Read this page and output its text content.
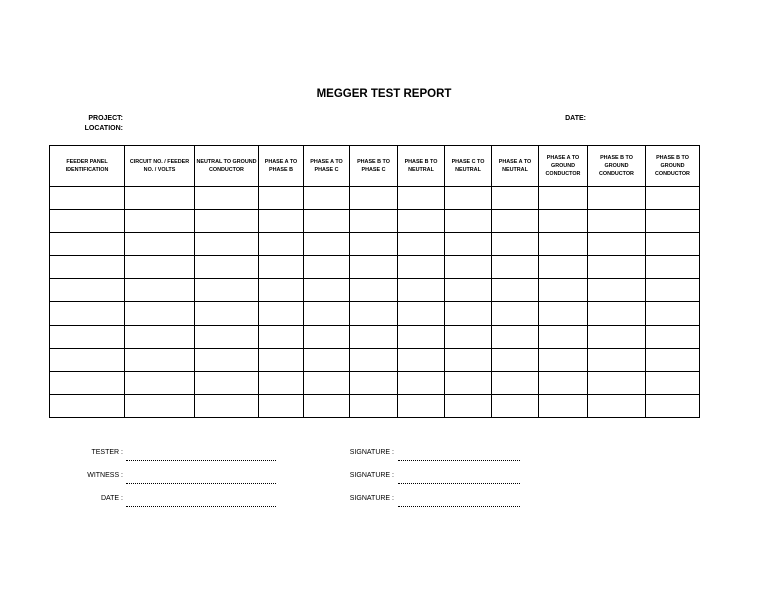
MEGGER TEST REPORT
PROJECT:
LOCATION:
DATE:
FEEDER PANEL IDENTIFICATION	CIRCUIT NO. / FEEDER NO. / VOLTS	NEUTRAL TO GROUND CONDUCTOR	PHASE A TO PHASE B	PHASE A TO PHASE C	PHASE B TO PHASE C	PHASE B TO NEUTRAL	PHASE C TO NEUTRAL	PHASE A TO NEUTRAL	PHASE A TO GROUND CONDUCTOR	PHASE B TO GROUND CONDUCTOR	PHASE B TO GROUND CONDUCTOR

TESTER :
WITNESS :
DATE :
SIGNATURE :
SIGNATURE :
SIGNATURE :
